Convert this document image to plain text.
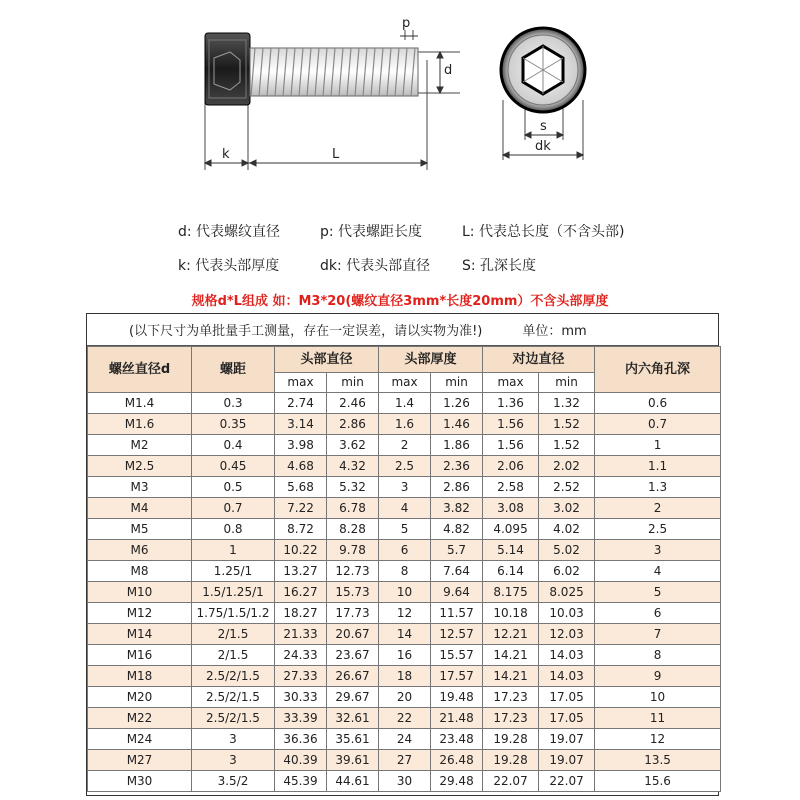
p
d
k	L
s
dk
d: 代表螺纹直径	p: 代表螺距长度	L: 代表总长度（不含头部)
k: 代表头部厚度	dk: 代表头部直径 S: 孔深长度
规格d*L组成 如：M3*20(螺纹直径3mm*长度20mm）不含头部厚度
(以下尺寸为单批量手工测量，存在一定误差，请以实物为准!)	单位：mm
螺丝直径d	螺距	头部直径		头部厚度		对边直径		内六角孔深
		max	min	max	min	max	min	
M1.4	0.3	2.74	2.46	1.4	1.26	1.36	1.32	0.6
M1.6	0.35	3.14	2.86	1.6	1.46	1.56	1.52	0.7
M2	0.4	3.98	3.62	2	1.86	1.56	1.52	1
M2.5	0.45	4.68	4.32	2.5	2.36	2.06	2.02	1.1
M3	0.5	5.68	5.32	3	2.86	2.58	2.52	1.3
M4	0.7	7.22	6.78	4	3.82	3.08	3.02	2
M5	0.8	8.72	8.28	5	4.82	4.095	4.02	2.5
M6	1	10.22	9.78	6	5.7	5.14	5.02	3
M8	1.25/1	13.27	12.73	8	7.64	6.14	6.02	4
M10	1.5/1.25/1	16.27	15.73	10	9.64	8.175	8.025	5
M12	1.75/1.5/1.2	18.27	17.73	12	11.57	10.18	10.03	6
M14	2/1.5	21.33	20.67	14	12.57	12.21	12.03	7
M16	2/1.5	24.33	23.67	16	15.57	14.21	14.03	8
M18	2.5/2/1.5	27.33	26.67	18	17.57	14.21	14.03	9
M20	2.5/2/1.5	30.33	29.67	20	19.48	17.23	17.05	10
M22	2.5/2/1.5	33.39	32.61	22	21.48	17.23	17.05	11
M24	3	36.36	35.61	24	23.48	19.28	19.07	12
M27	3	40.39	39.61	27	26.48	19.28	19.07	13.5
M30	3.5/2	45.39	44.61	30	29.48	22.07	22.07	15.6
